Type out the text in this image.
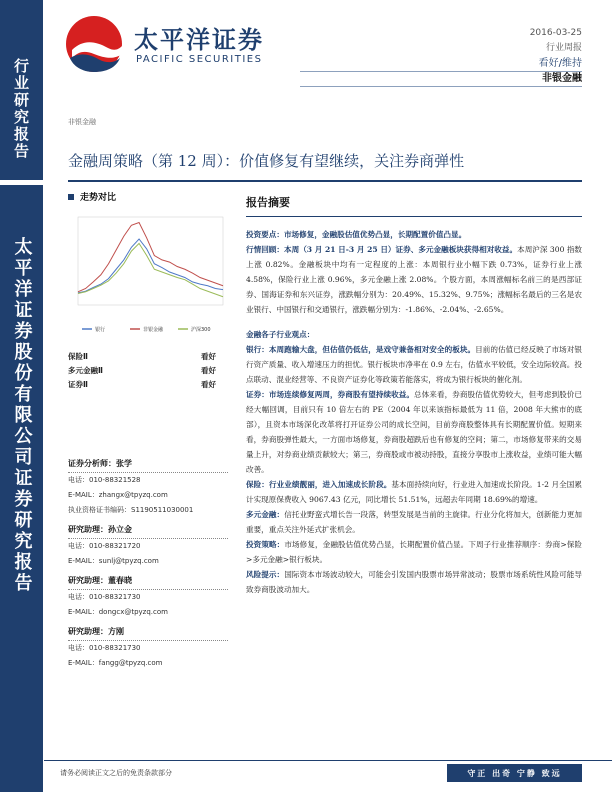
行业研究报告
太平洋证券股份有限公司证券研究报告
太平洋证券
PACIFIC SECURITIES
2016-03-25
行业周报
看好/维持
非银金融
非银金融
金融周策略（第 12 周）：价值修复有望继续，关注券商弹性
走势对比
银行	非银金融	沪深300
保险Ⅱ	看好
多元金融Ⅱ	看好
证券Ⅱ	看好
证券分析师：张学
电话：010-88321528
E-MAIL：zhangx@tpyzq.com
执业资格证书编码：S1190511030001
研究助理：孙立金
电话：010-88321720
E-MAIL：sunlj@tpyzq.com
研究助理：董春晓
电话：010-88321730
E-MAIL：dongcx@tpyzq.com
研究助理：方刚
电话：010-88321730
E-MAIL：fangg@tpyzq.com
报告摘要

投资要点：市场修复，金融股估值优势凸显，长期配置价值凸显。

行情回顾：本周（3 月 21 日-3 月 25 日）证券、多元金融板块获得相对收益。本周沪深 300 指数上涨 0.82%。金融板块中均有一定程度的上涨：本周银行业小幅下跌 0.73%，证券行业上涨 4.58%，保险行业上涨 0.96%，多元金融上涨 2.08%。个股方面，本周涨幅标名前三的是西部证券、国海证券和东兴证券，涨跌幅分别为：20.49%、15.32%、9.75%；涨幅标名最后的三名是农业银行、中国银行和交通银行，涨跌幅分别为：-1.86%、-2.04%、-2.65%。

金融各子行业观点：

银行：本周跑输大盘，但估值仍低估，是戏守兼备相对安全的板块。目前的估值已经反映了市场对银行资产质量、收入增速压力的担忧。银行板块市净率在 0.9 左右，估值水平较低，安全边际较高。投点联动、混业经营等、不良资产证券化等政策若能落实，将成为银行板块的催化剂。

证券：市场连续修复两周，券商股有望持续收益。总体来看，券商股估值优势较大，但考虑到股价已经大幅回调，目前只有 10 倍左右的 PE（2004 年以来该指标最低为 11 倍，2008 年大熊市的底部），且资本市场深化改革将打开证券公司的成长空间，目前券商股整体具有长期配置价值。短期来看，券商股弹性最大，一方面市场修复，券商股超跌后也有修复的空间；第二，市场修复带来的交易量上升，对券商业绩贡献较大；第三，券商股或市被动持股，直接分享股市上涨收益，业绩可能大幅改善。

保险：行业业绩靓丽，进入加速成长阶段。基本面持续向好，行业进入加速成长阶段。1-2 月全国累计实现原保费收入 9067.43 亿元，同比增长 51.51%，远超去年同期 18.69%的增速。

多元金融：信托业野蛮式增长告一段落，转型发展是当前的主旋律。行业分化将加大，创新能力更加重要，重点关注外延式扩张机会。

投资策略：市场修复，金融股估值优势凸显，长期配置价值凸显。下周子行业推荐顺序：券商>保险>多元金融>银行板块。

风险提示：国际资本市场波动较大，可能会引发国内股票市场异常波动；股票市场系统性风险可能导致券商股波动加大。

请务必阅读正文之后的免责条款部分	守正 出奇 宁静 致远
